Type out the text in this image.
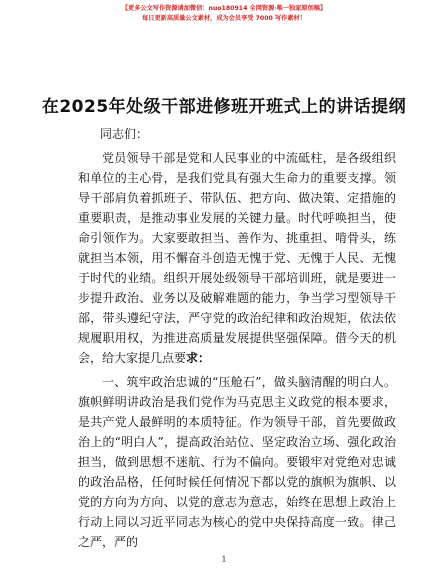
【更多公文写作资源请加微信：nuo180914 全网资源·唯一独家原创稿】
每日更新高质量公文素材，成为会员享受 7000 写作素材！
在2025年处级干部进修班开班式上的讲话提纲
同志们：

党员领导干部是党和人民事业的中流砥柱，是各级组织和单位的主心骨，是我们党具有强大生命力的重要支撑。领导干部肩负着抓班子、带队伍、把方向、做决策、定措施的重要职责，是推动事业发展的关键力量。时代呼唤担当，使命引领作为。大家要敢担当、善作为、挑重担、啃骨头，练就担当本领，用不懈奋斗创造无愧于党、无愧于人民、无愧于时代的业绩。组织开展处级领导干部培训班，就是要进一步提升政治、业务以及破解难题的能力，争当学习型领导干部，带头遵纪守法，严守党的政治纪律和政治规矩，依法依规履职用权，为推进高质量发展提供坚强保障。借今天的机会，给大家提几点要求：

一、筑牢政治忠诚的“压舱石”，做头脑清醒的明白人。旗帜鲜明讲政治是我们党作为马克思主义政党的根本要求，是共产党人最鲜明的本质特征。作为领导干部，首先要做政治上的“明白人”，提高政治站位、坚定政治立场、强化政治担当，做到思想不迷航、行为不偏向。要锻牢对党绝对忠诚的政治品格，任何时候任何情况下都以党的旗帜为旗帜、以党的方向为方向、以党的意志为意志，始终在思想上政治上行动上同以习近平同志为核心的党中央保持高度一致。律己之严，严的

1
